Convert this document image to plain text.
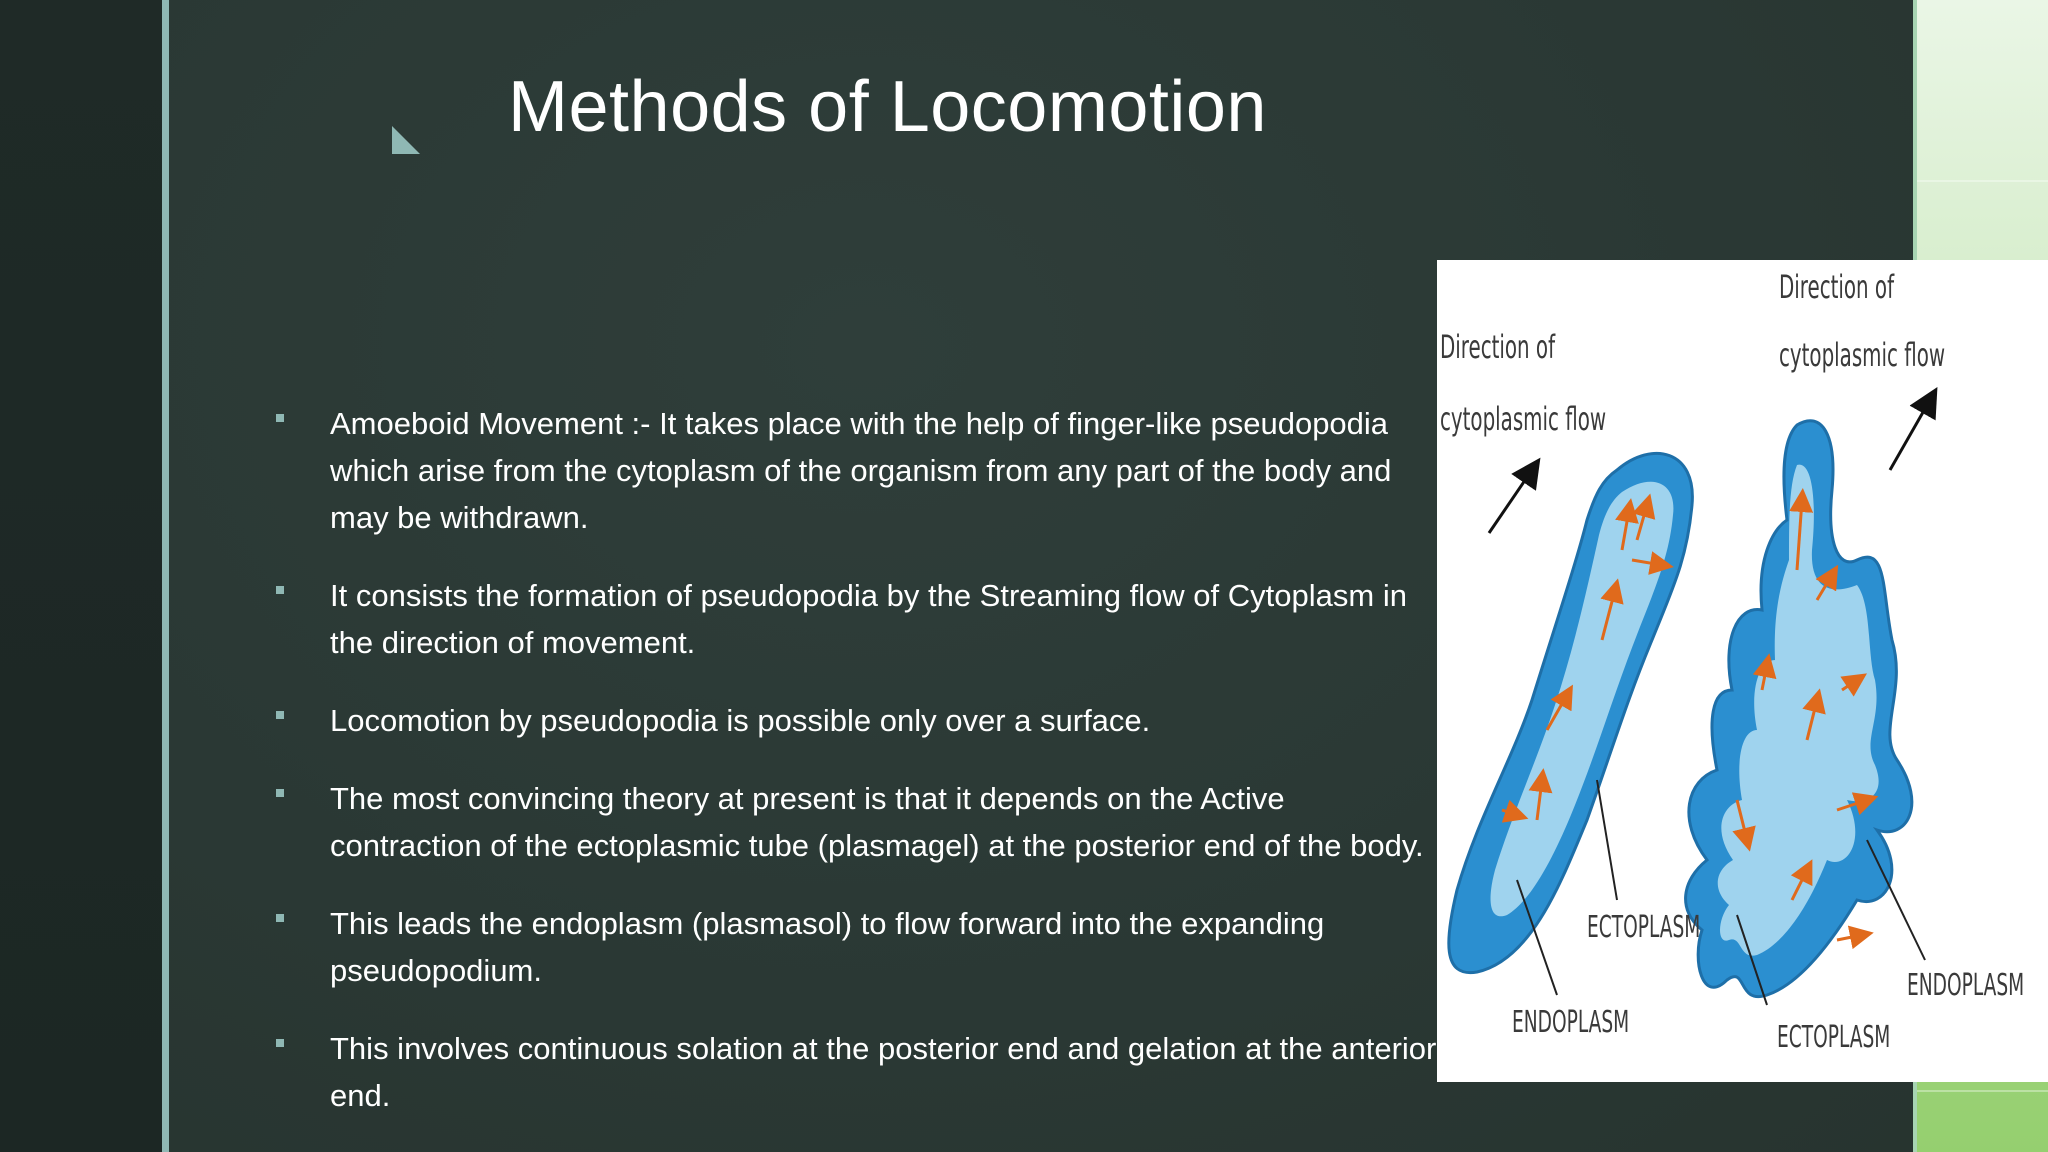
Methods of Locomotion
Amoeboid Movement :- It takes place with the help of finger-like pseudopodia which arise from the cytoplasm of the organism from any part of the body and may be withdrawn.
It consists the formation of pseudopodia by the Streaming flow of Cytoplasm in the direction of movement.
Locomotion by pseudopodia is possible only over a surface.
The most convincing theory at present is that it depends on the Active contraction of the ectoplasmic tube (plasmagel) at the posterior end of the body.
This leads the endoplasm (plasmasol) to flow forward into the expanding pseudopodium.
This involves continuous solation at the posterior end and gelation at the anterior end.
Direction of
cytoplasmic flow
ECTOPLASM
ENDOPLASM
Direction of
cytoplasmic flow
ENDOPLASM
ECTOPLASM
